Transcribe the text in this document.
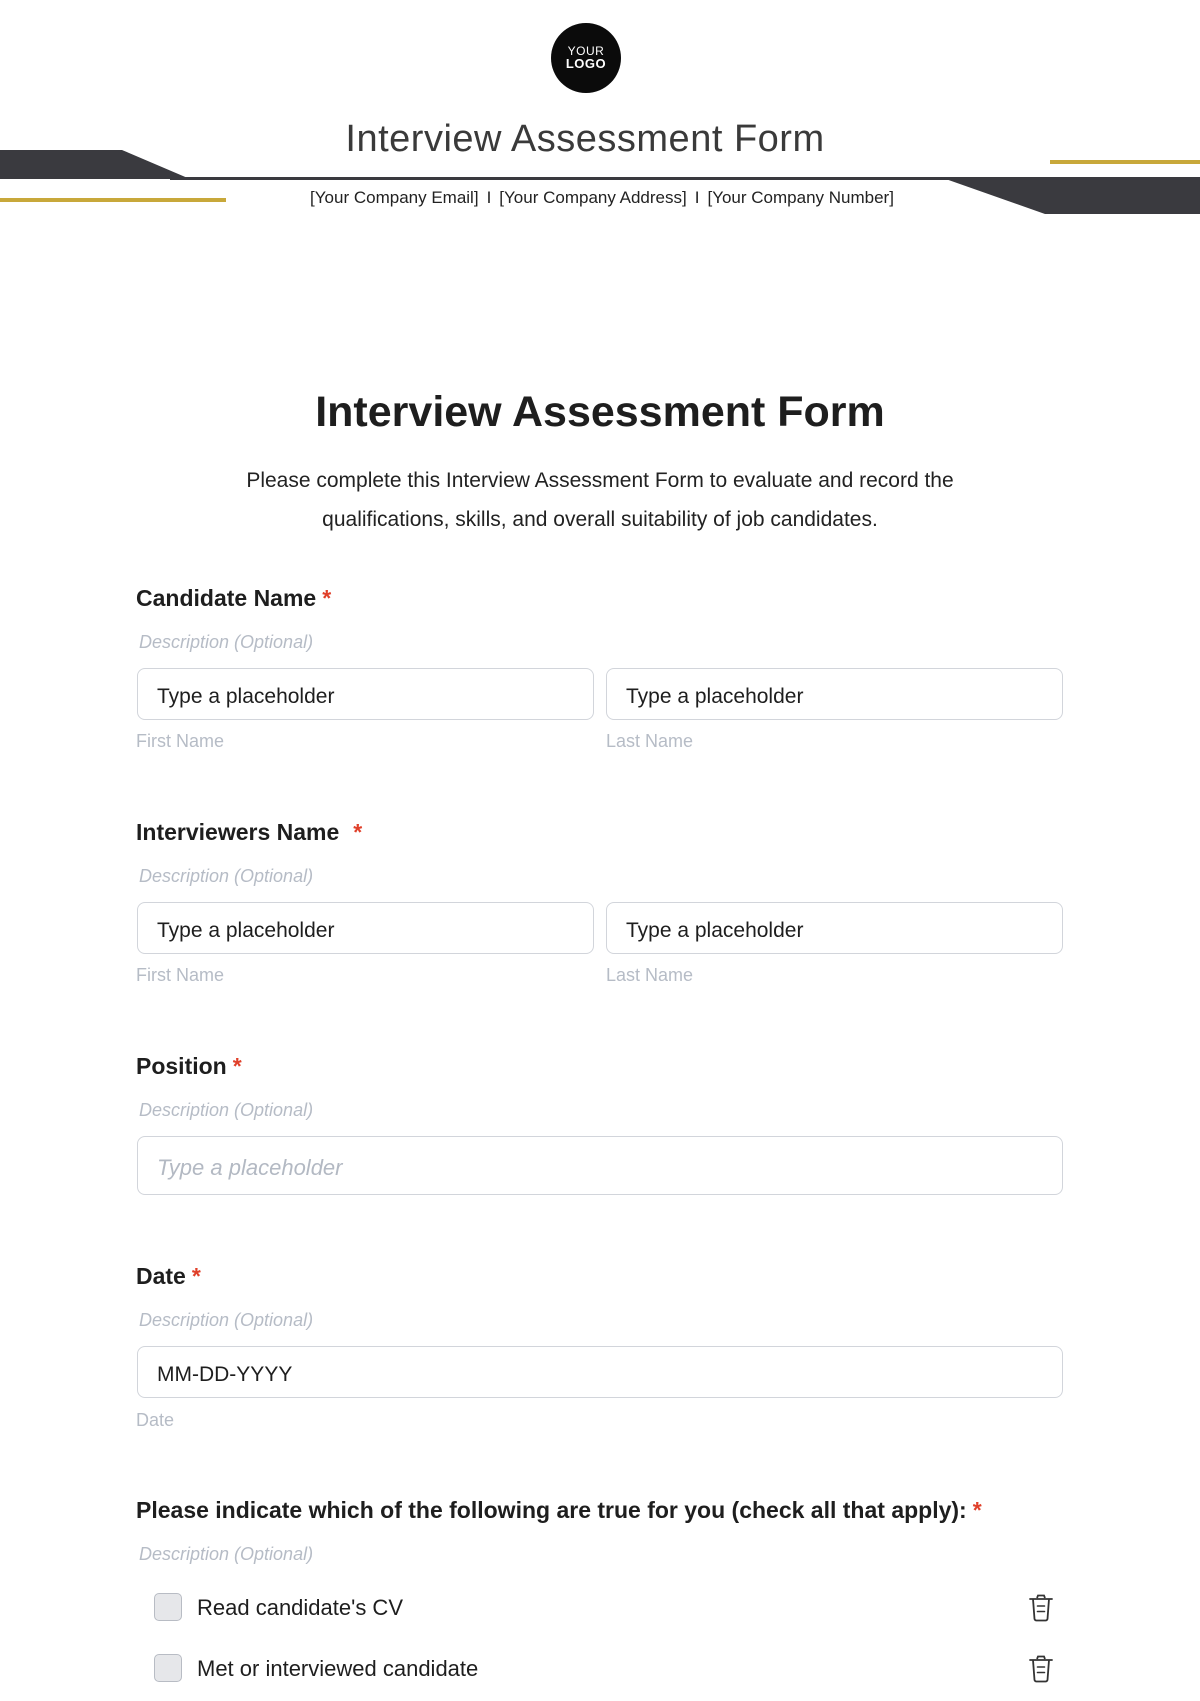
YOUR
LOGO
Interview Assessment Form
[Your Company Email] I [Your Company Address] I [Your Company Number]
Interview Assessment Form
Please complete this Interview Assessment Form to evaluate and record the qualifications, skills, and overall suitability of job candidates.
Candidate Name *
Description (Optional)
Type a placeholder	Type a placeholder
First Name	Last Name
Interviewers Name *
Description (Optional)
Type a placeholder	Type a placeholder
First Name	Last Name
Position *
Description (Optional)
Type a placeholder
Date *
Description (Optional)
MM-DD-YYYY
Date
Please indicate which of the following are true for you (check all that apply): *
Description (Optional)
Read candidate's CV
Met or interviewed candidate
